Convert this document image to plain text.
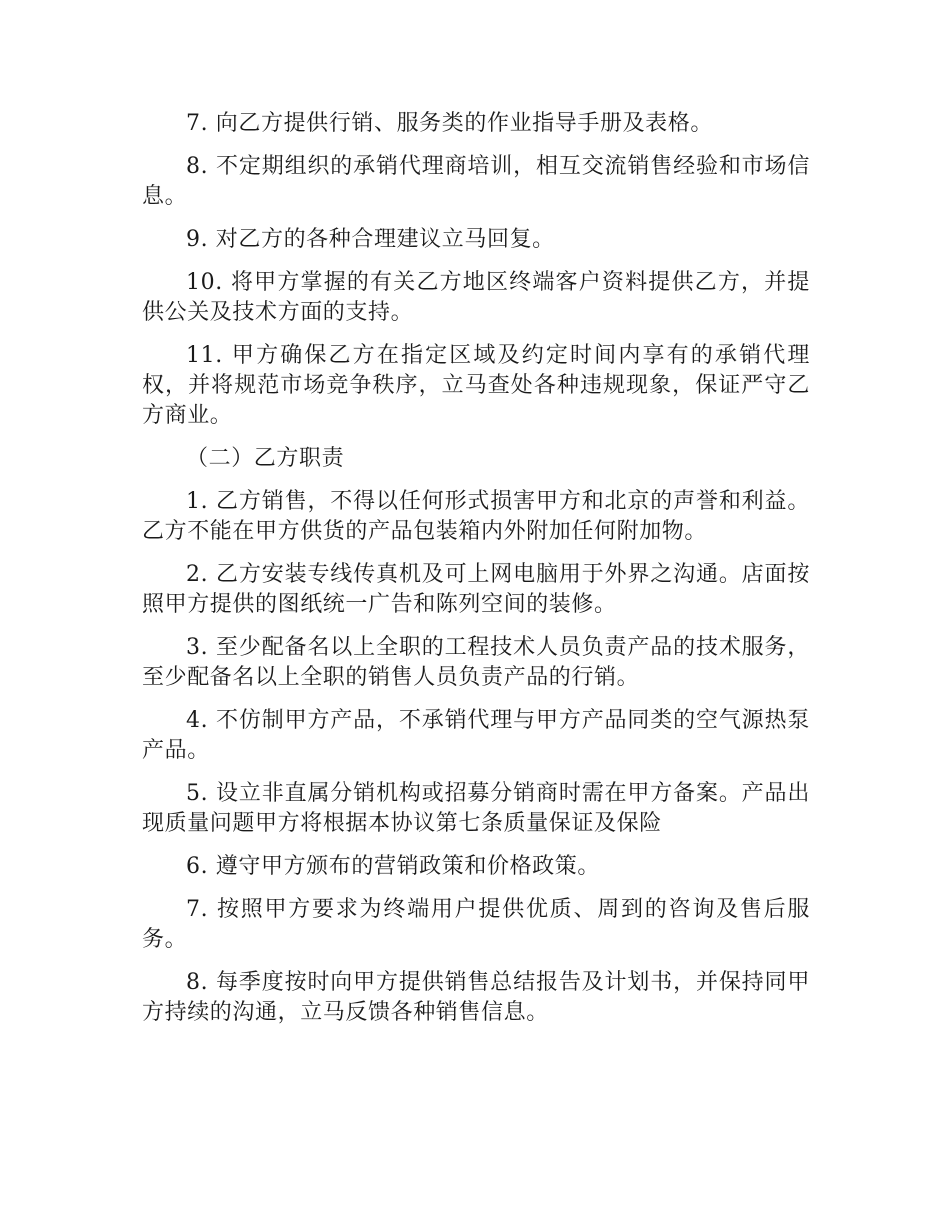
7. 向乙方提供行销、服务类的作业指导手册及表格。

8. 不定期组织的承销代理商培训，相互交流销售经验和市场信息。

9. 对乙方的各种合理建议立马回复。

10. 将甲方掌握的有关乙方地区终端客户资料提供乙方，并提供公关及技术方面的支持。

11. 甲方确保乙方在指定区域及约定时间内享有的承销代理权，并将规范市场竞争秩序，立马查处各种违规现象，保证严守乙方商业。

（二）乙方职责

1. 乙方销售，不得以任何形式损害甲方和北京的声誉和利益。乙方不能在甲方供货的产品包装箱内外附加任何附加物。

2. 乙方安装专线传真机及可上网电脑用于外界之沟通。店面按照甲方提供的图纸统一广告和陈列空间的装修。

3. 至少配备名以上全职的工程技术人员负责产品的技术服务，至少配备名以上全职的销售人员负责产品的行销。

4. 不仿制甲方产品，不承销代理与甲方产品同类的空气源热泵产品。

5. 设立非直属分销机构或招募分销商时需在甲方备案。产品出现质量问题甲方将根据本协议第七条质量保证及保险

6. 遵守甲方颁布的营销政策和价格政策。

7. 按照甲方要求为终端用户提供优质、周到的咨询及售后服务。

8. 每季度按时向甲方提供销售总结报告及计划书，并保持同甲方持续的沟通，立马反馈各种销售信息。
